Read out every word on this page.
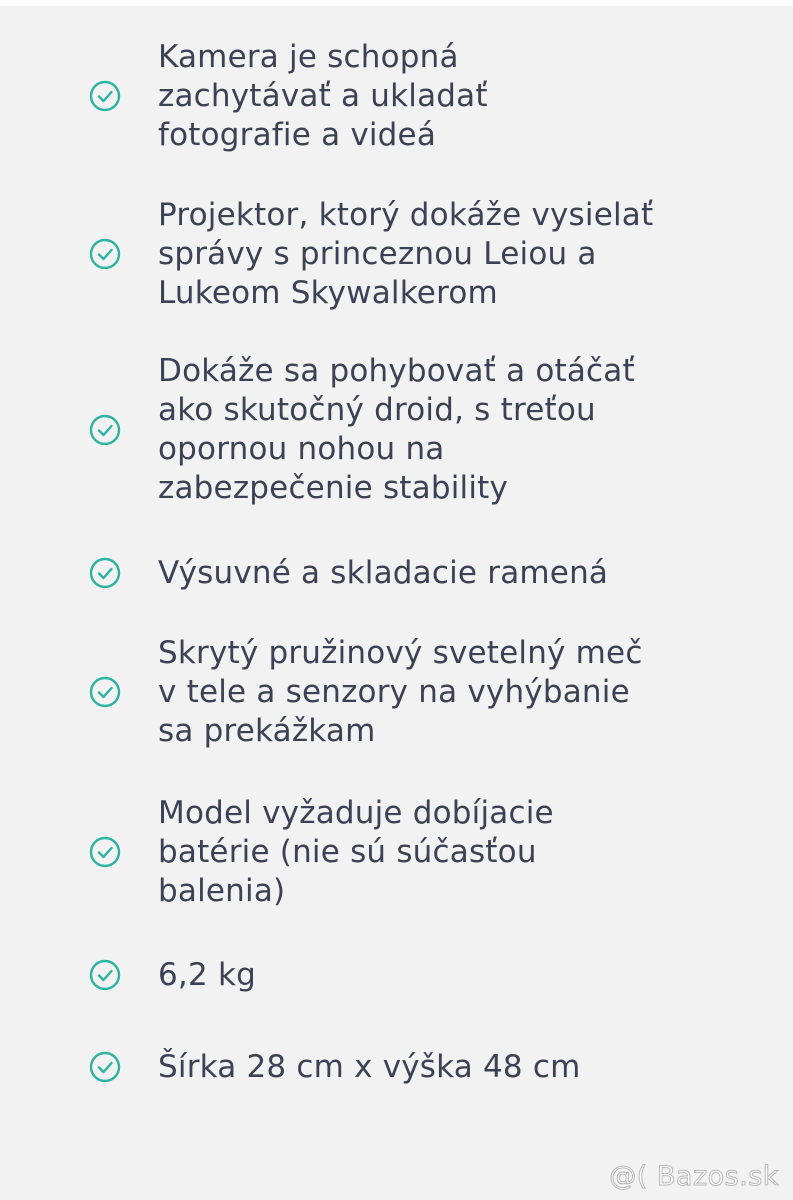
Kamera je schopná
zachytávať a ukladať
fotografie a videá
Projektor, ktorý dokáže vysielať
správy s princeznou Leiou a
Lukeom Skywalkerom
Dokáže sa pohybovať a otáčať
ako skutočný droid, s treťou
opornou nohou na
zabezpečenie stability
Výsuvné a skladacie ramená
Skrytý pružinový svetelný meč
v tele a senzory na vyhýbanie
sa prekážkam
Model vyžaduje dobíjacie
batérie (nie sú súčasťou
balenia)
6,2 kg
Šírka 28 cm x výška 48 cm
@( Bazos.sk
